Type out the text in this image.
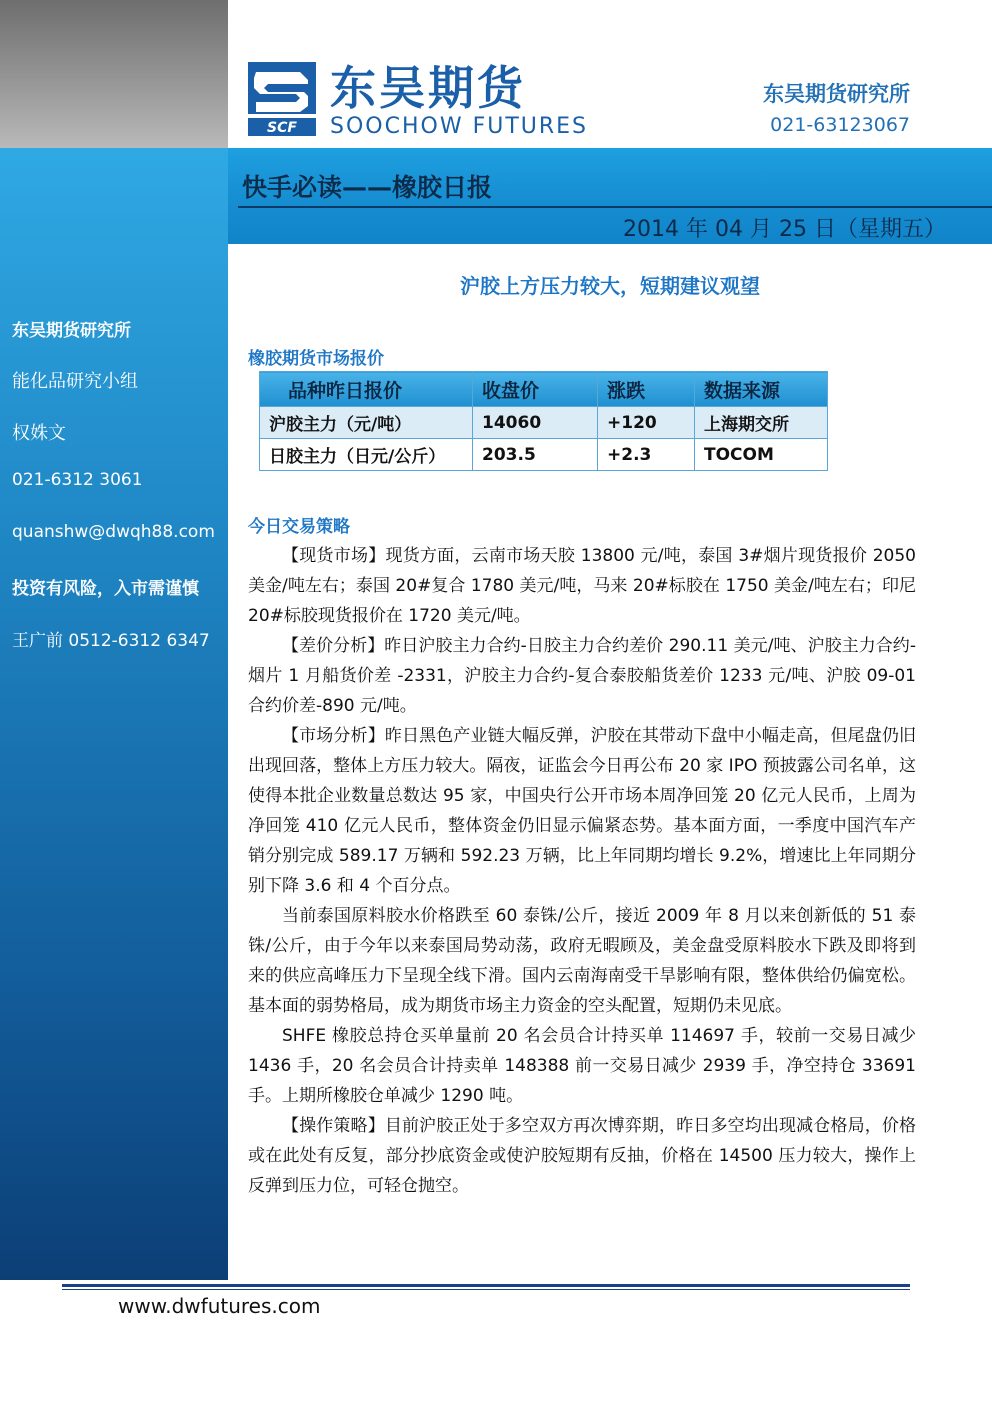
东吴期货研究所
能化品研究小组
权姝文
021-6312 3061
quanshw@dwqh88.com
投资有风险，入市需谨慎
王广前 0512-6312 6347
SCF
东吴期货
SOOCHOW FUTURES
东吴期货研究所
021-63123067
快手必读——橡胶日报
2014 年 04 月 25 日（星期五）
沪胶上方压力较大，短期建议观望
橡胶期货市场报价
品种昨日报价	收盘价	涨跌	数据来源
沪胶主力（元/吨）	14060	+120	上海期交所
日胶主力（日元/公斤）	203.5	+2.3	TOCOM
今日交易策略

【现货市场】现货方面，云南市场天胶 13800 元/吨，泰国 3#烟片现货报价 2050 美金/吨左右；泰国 20#复合 1780 美元/吨，马来 20#标胶在 1750 美金/吨左右；印尼 20#标胶现货报价在 1720 美元/吨。

【差价分析】昨日沪胶主力合约-日胶主力合约差价 290.11 美元/吨、沪胶主力合约-烟片 1 月船货价差 -2331，沪胶主力合约-复合泰胶船货差价 1233 元/吨、沪胶 09-01 合约价差-890 元/吨。

【市场分析】昨日黑色产业链大幅反弹，沪胶在其带动下盘中小幅走高，但尾盘仍旧出现回落，整体上方压力较大。隔夜，证监会今日再公布 20 家 IPO 预披露公司名单，这使得本批企业数量总数达 95 家，中国央行公开市场本周净回笼 20 亿元人民币，上周为净回笼 410 亿元人民币，整体资金仍旧显示偏紧态势。基本面方面，一季度中国汽车产销分别完成 589.17 万辆和 592.23 万辆，比上年同期均增长 9.2%，增速比上年同期分别下降 3.6 和 4 个百分点。

当前泰国原料胶水价格跌至 60 泰铢/公斤，接近 2009 年 8 月以来创新低的 51 泰铢/公斤，由于今年以来泰国局势动荡，政府无暇顾及，美金盘受原料胶水下跌及即将到来的供应高峰压力下呈现全线下滑。国内云南海南受干旱影响有限，整体供给仍偏宽松。基本面的弱势格局，成为期货市场主力资金的空头配置，短期仍未见底。

SHFE 橡胶总持仓买单量前 20 名会员合计持买单 114697 手，较前一交易日减少 1436 手，20 名会员合计持卖单 148388 前一交易日减少 2939 手，净空持仓 33691 手。上期所橡胶仓单减少 1290 吨。

【操作策略】目前沪胶正处于多空双方再次博弈期，昨日多空均出现减仓格局，价格或在此处有反复，部分抄底资金或使沪胶短期有反抽，价格在 14500 压力较大，操作上反弹到压力位，可轻仓抛空。

www.dwfutures.com
